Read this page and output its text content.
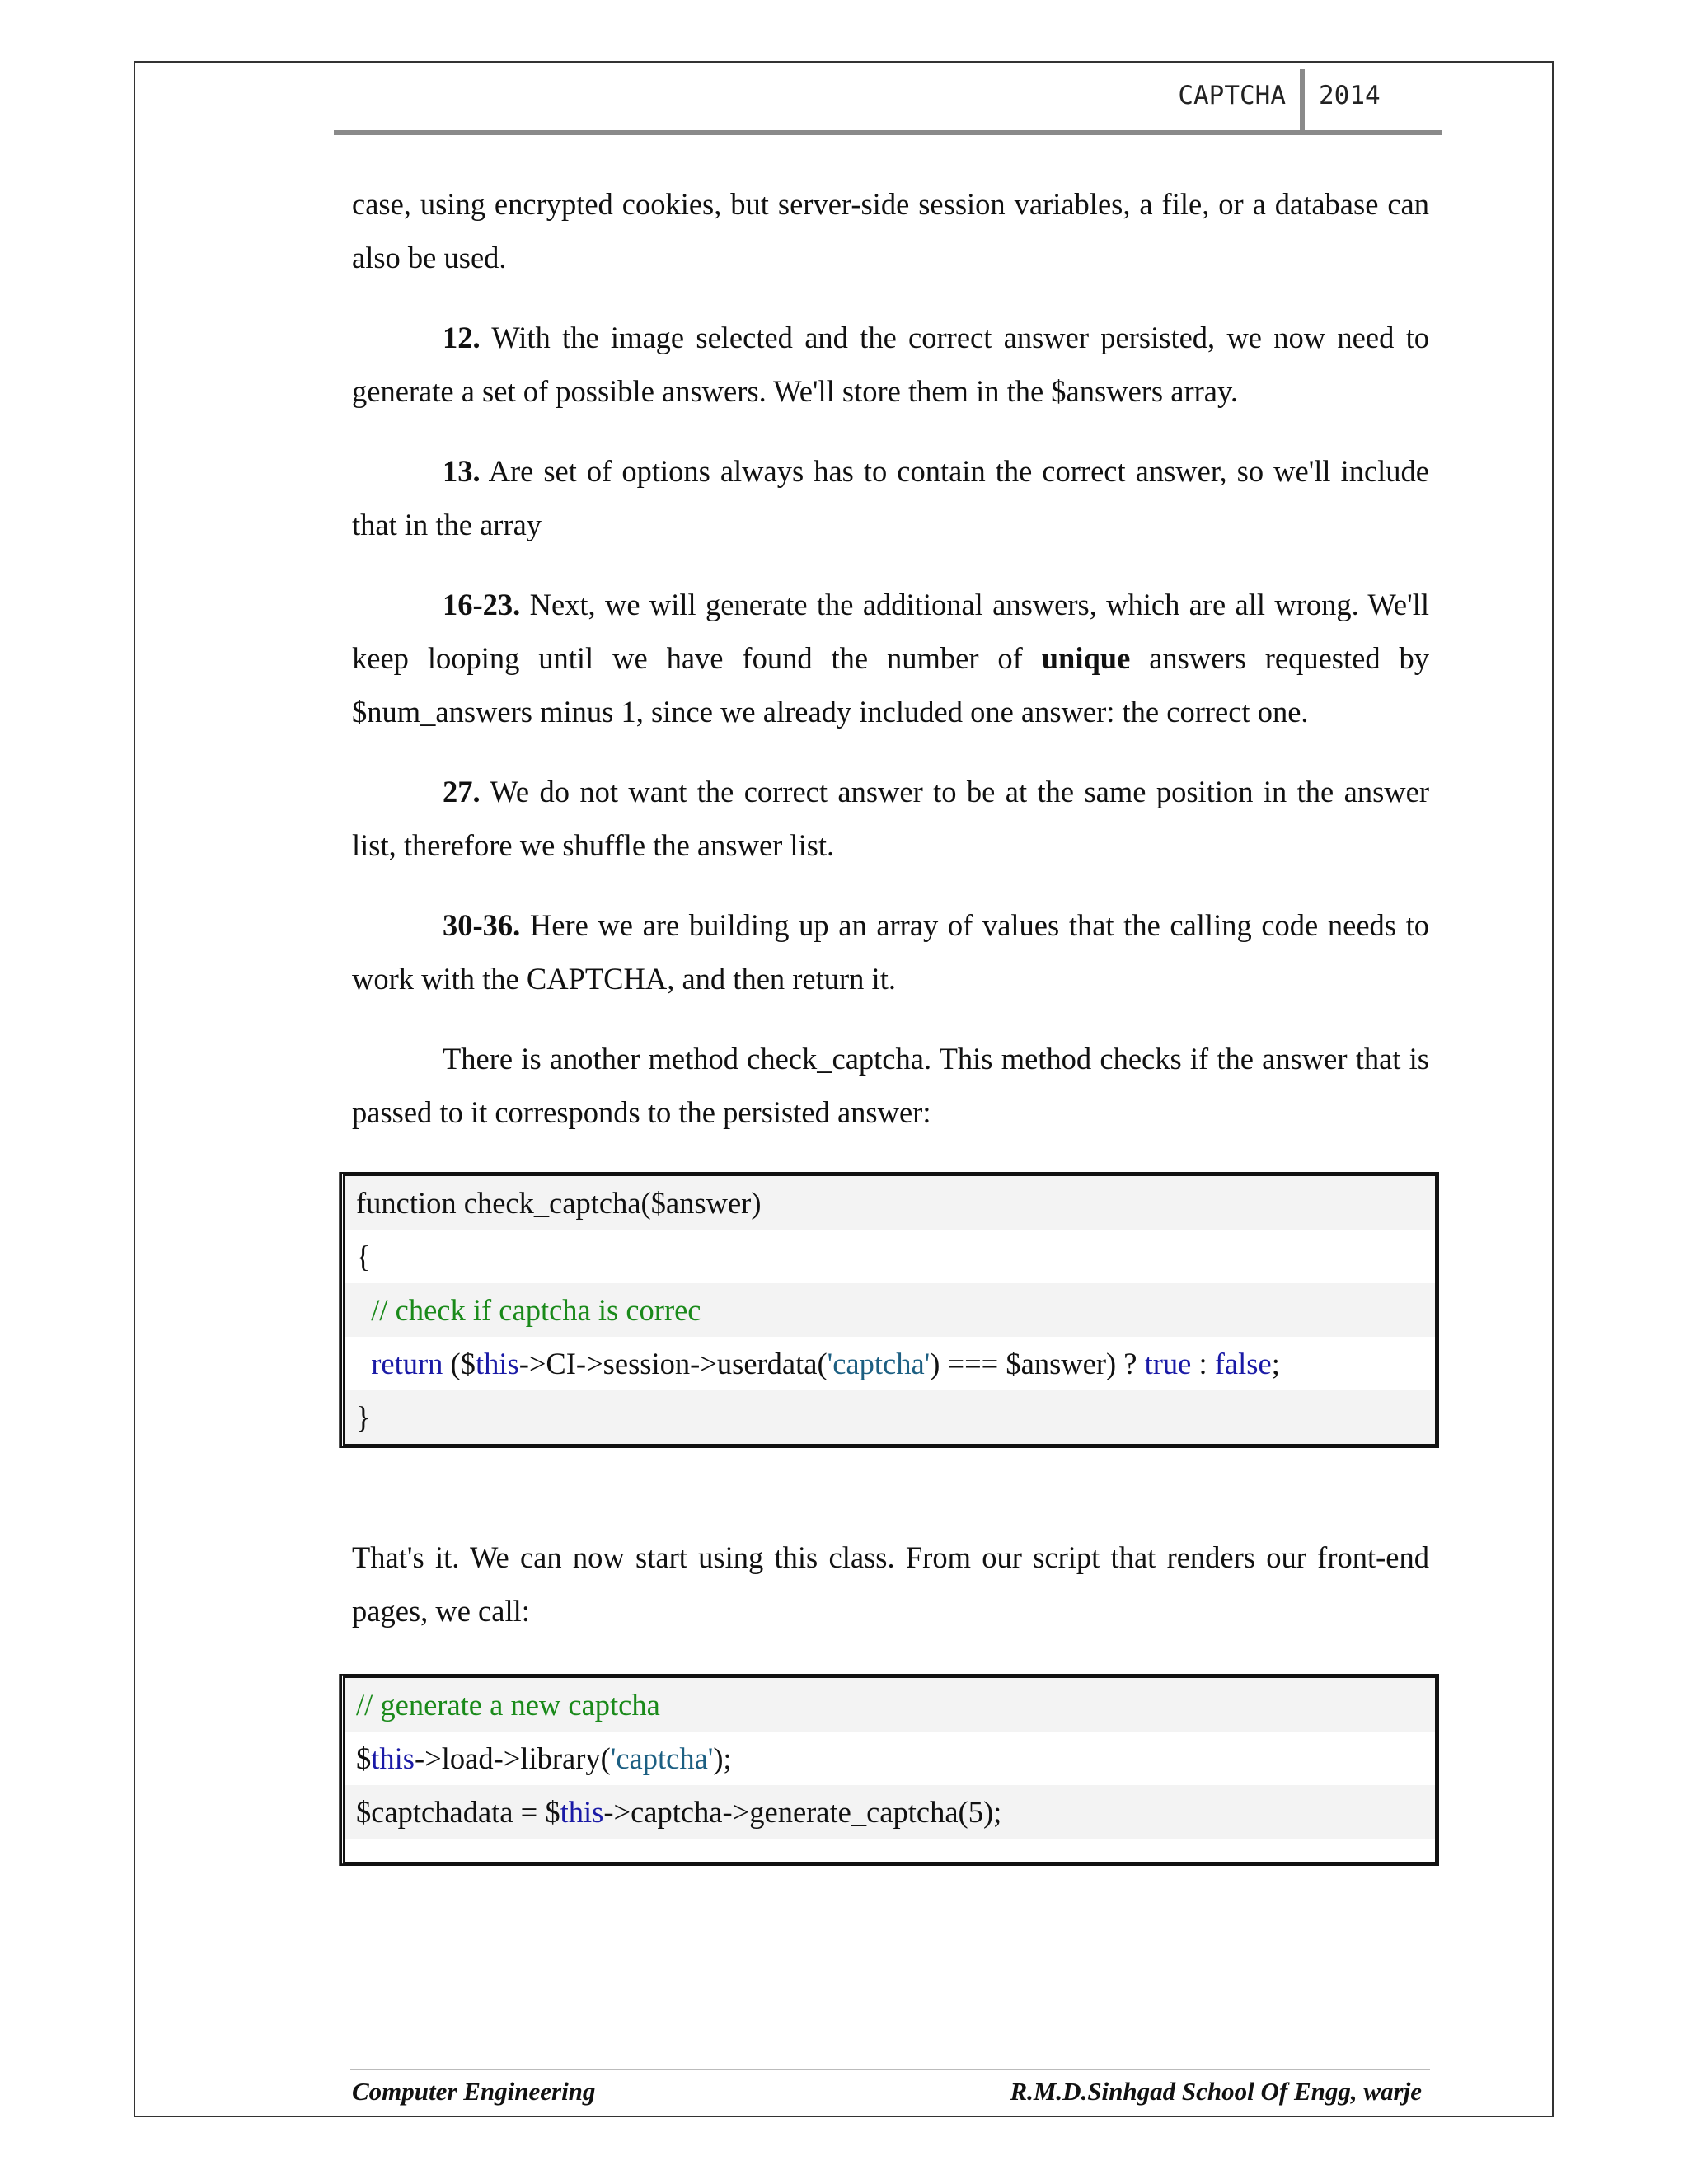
CAPTCHA 2014

case, using encrypted cookies, but server-side session variables, a file, or a database can also be used.

12. With the image selected and the correct answer persisted, we now need to generate a set of possible answers. We'll store them in the $answers array.

13. Are set of options always has to contain the correct answer, so we'll include that in the array

16-23. Next, we will generate the additional answers, which are all wrong. We'll keep looping until we have found the number of unique answers requested by $num_answers minus 1, since we already included one answer: the correct one.

27. We do not want the correct answer to be at the same position in the answer list, therefore we shuffle the answer list.

30-36. Here we are building up an array of values that the calling code needs to work with the CAPTCHA, and then return it.

There is another method check_captcha. This method checks if the answer that is passed to it corresponds to the persisted answer:

function check_captcha($answer)
{
// check if captcha is correc
return ($this->CI->session->userdata('captcha') === $answer) ? true : false;
}

That's it. We can now start using this class. From our script that renders our front-end pages, we call:

// generate a new captcha
$this->load->library('captcha');
$captchadata = $this->captcha->generate_captcha(5);
Computer Engineering	R.M.D.Sinhgad School Of Engg, warje
